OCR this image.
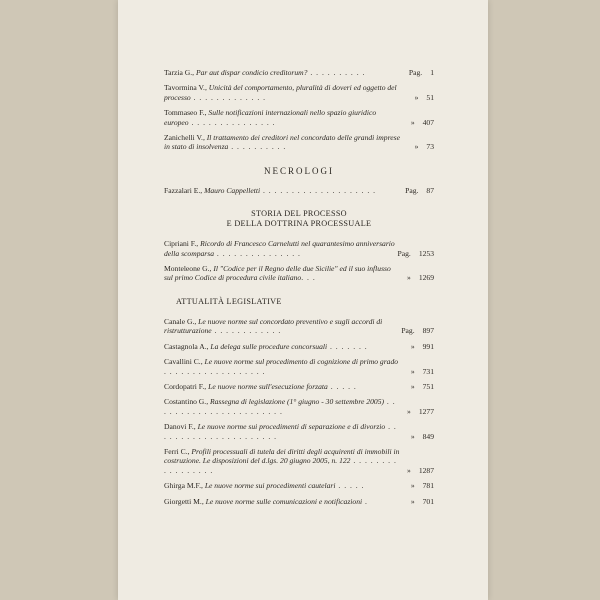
Tarzia G., Par aut dispar condicio creditorum? . . . . . . . . . .	Pag. 1
Tavormina V., Unicità del comportamento, pluralità di doveri ed oggetto del processo . . . . . . . . . . . . .	» 51
Tommaseo F., Sulle notificazioni internazionali nello spazio giuridico europeo . . . . . . . . . . . . . . .	» 407
Zanichelli V., Il trattamento dei creditori nel concordato delle grandi imprese in stato di insolvenza . . . . . . . . . .	» 73
NECROLOGI
Fazzalari E., Mauro Cappelletti . . . . . . . . . . . . . . . . . . . .	Pag. 87
STORIA DEL PROCESSO
E DELLA DOTTRINA PROCESSUALE
Cipriani F., Ricordo di Francesco Carnelutti nel quarantesimo anniversario della scomparsa . . . . . . . . . . . . . . .	Pag. 1253
Monteleone G., Il "Codice per il Regno delle due Sicilie" ed il suo influsso sul primo Codice di procedura civile italiano. . .	» 1269
ATTUALITÀ LEGISLATIVE
Canale G., Le nuove norme sul concordato preventivo e sugli accordi di ristrutturazione . . . . . . . . . . . .	Pag. 897
Castagnola A., La delega sulle procedure concorsuali . . . . . . .	» 991
Cavallini C., Le nuove norme sul procedimento di cognizione di primo grado . . . . . . . . . . . . . . . . . .	» 731
Cordopatri F., Le nuove norme sull'esecuzione forzata . . . . .	» 751
Costantino G., Rassegna di legislazione (1° giugno - 30 settembre 2005) . . . . . . . . . . . . . . . . . . . . . . .	» 1277
Danovi F., Le nuove norme sui procedimenti di separazione e di divorzio . . . . . . . . . . . . . . . . . . . . . .	» 849
Ferri C., Profili processuali di tutela dei diritti degli acquirenti di immobili in costruzione. Le disposizioni del d.lgs. 20 giugno 2005, n. 122 . . . . . . . . . . . . . . . . .	» 1287
Ghirga M.F., Le nuove norme sui procedimenti cautelari . . . . .	» 781
Giorgetti M., Le nuove norme sulle comunicazioni e notificazioni .	» 701
